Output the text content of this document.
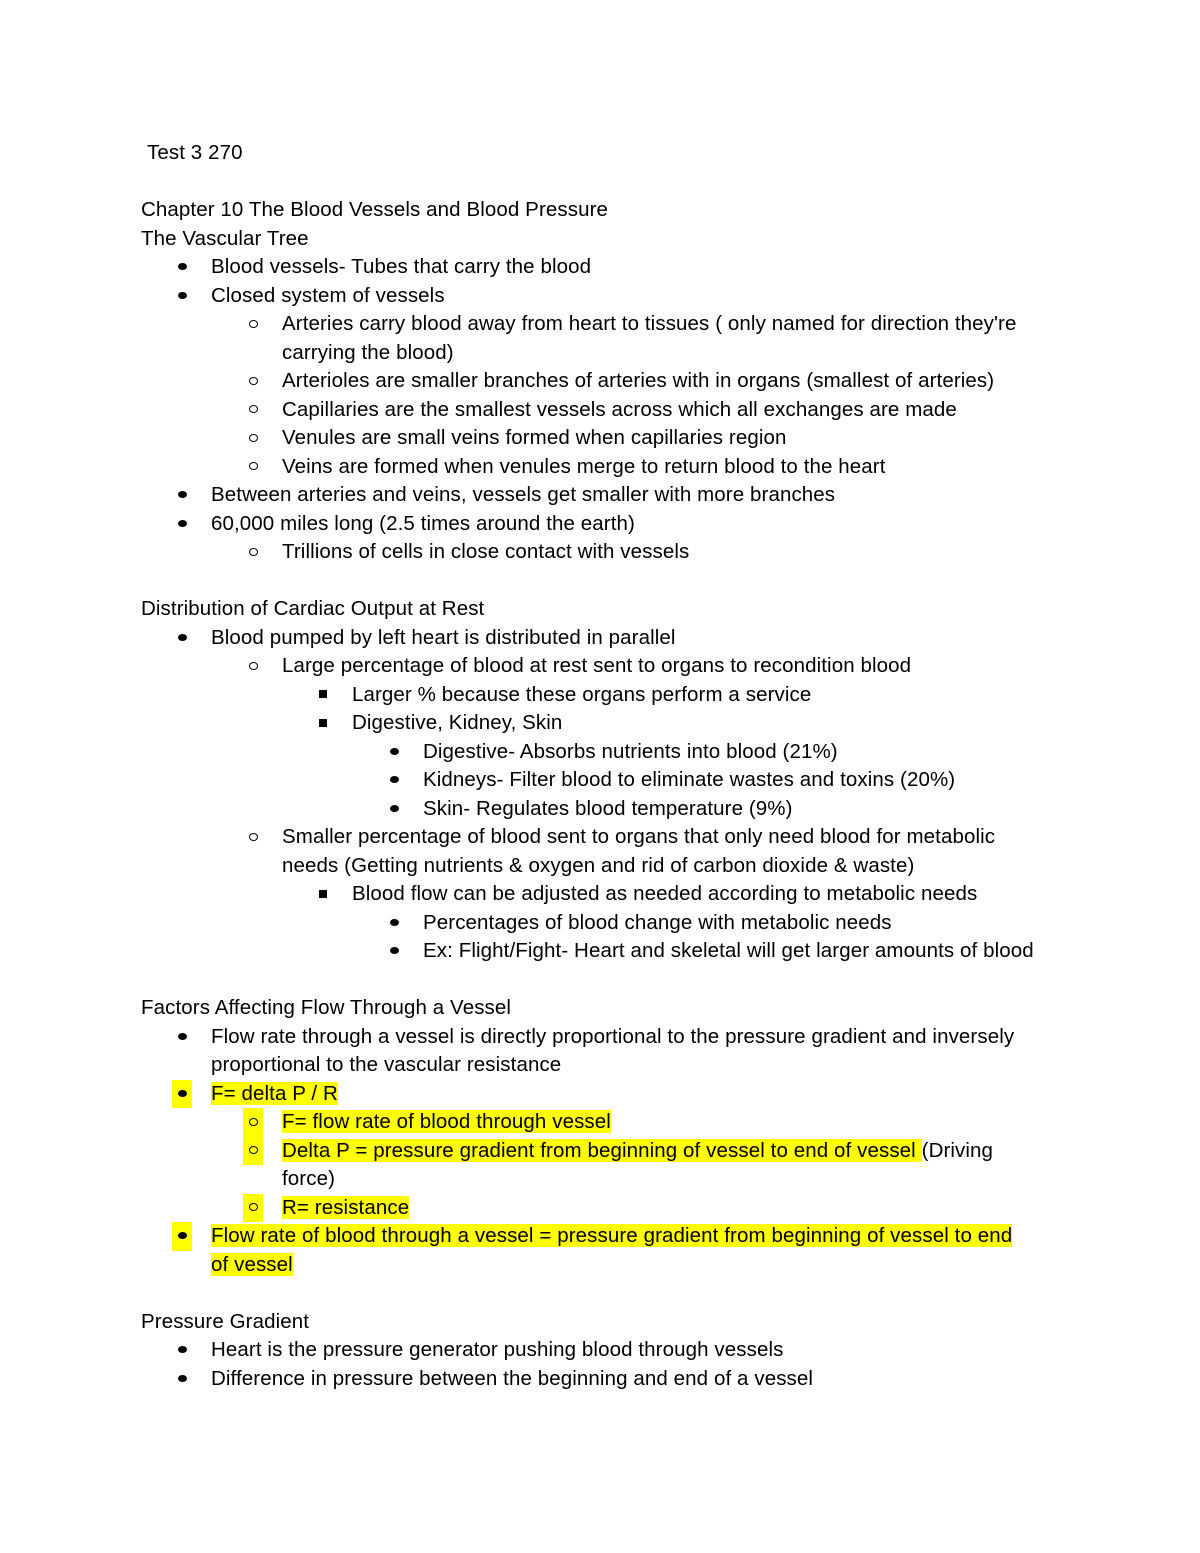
Test 3 270
Chapter 10 The Blood Vessels and Blood Pressure
The Vascular Tree
Blood vessels- Tubes that carry the blood
Closed system of vessels
Arteries carry blood away from heart to tissues ( only named for direction they're
carrying the blood)
Arterioles are smaller branches of arteries with in organs (smallest of arteries)
Capillaries are the smallest vessels across which all exchanges are made
Venules are small veins formed when capillaries region
Veins are formed when venules merge to return blood to the heart
Between arteries and veins, vessels get smaller with more branches
60,000 miles long (2.5 times around the earth)
Trillions of cells in close contact with vessels
Distribution of Cardiac Output at Rest
Blood pumped by left heart is distributed in parallel
Large percentage of blood at rest sent to organs to recondition blood
Larger % because these organs perform a service
Digestive, Kidney, Skin
Digestive- Absorbs nutrients into blood (21%)
Kidneys- Filter blood to eliminate wastes and toxins (20%)
Skin- Regulates blood temperature (9%)
Smaller percentage of blood sent to organs that only need blood for metabolic
needs (Getting nutrients & oxygen and rid of carbon dioxide & waste)
Blood flow can be adjusted as needed according to metabolic needs
Percentages of blood change with metabolic needs
Ex: Flight/Fight- Heart and skeletal will get larger amounts of blood
Factors Affecting Flow Through a Vessel
Flow rate through a vessel is directly proportional to the pressure gradient and inversely
proportional to the vascular resistance
F= delta P / R
F= flow rate of blood through vessel
Delta P = pressure gradient from beginning of vessel to end of vessel (Driving
force)
R= resistance
Flow rate of blood through a vessel = pressure gradient from beginning of vessel to end
of vessel
Pressure Gradient
Heart is the pressure generator pushing blood through vessels
Difference in pressure between the beginning and end of a vessel
